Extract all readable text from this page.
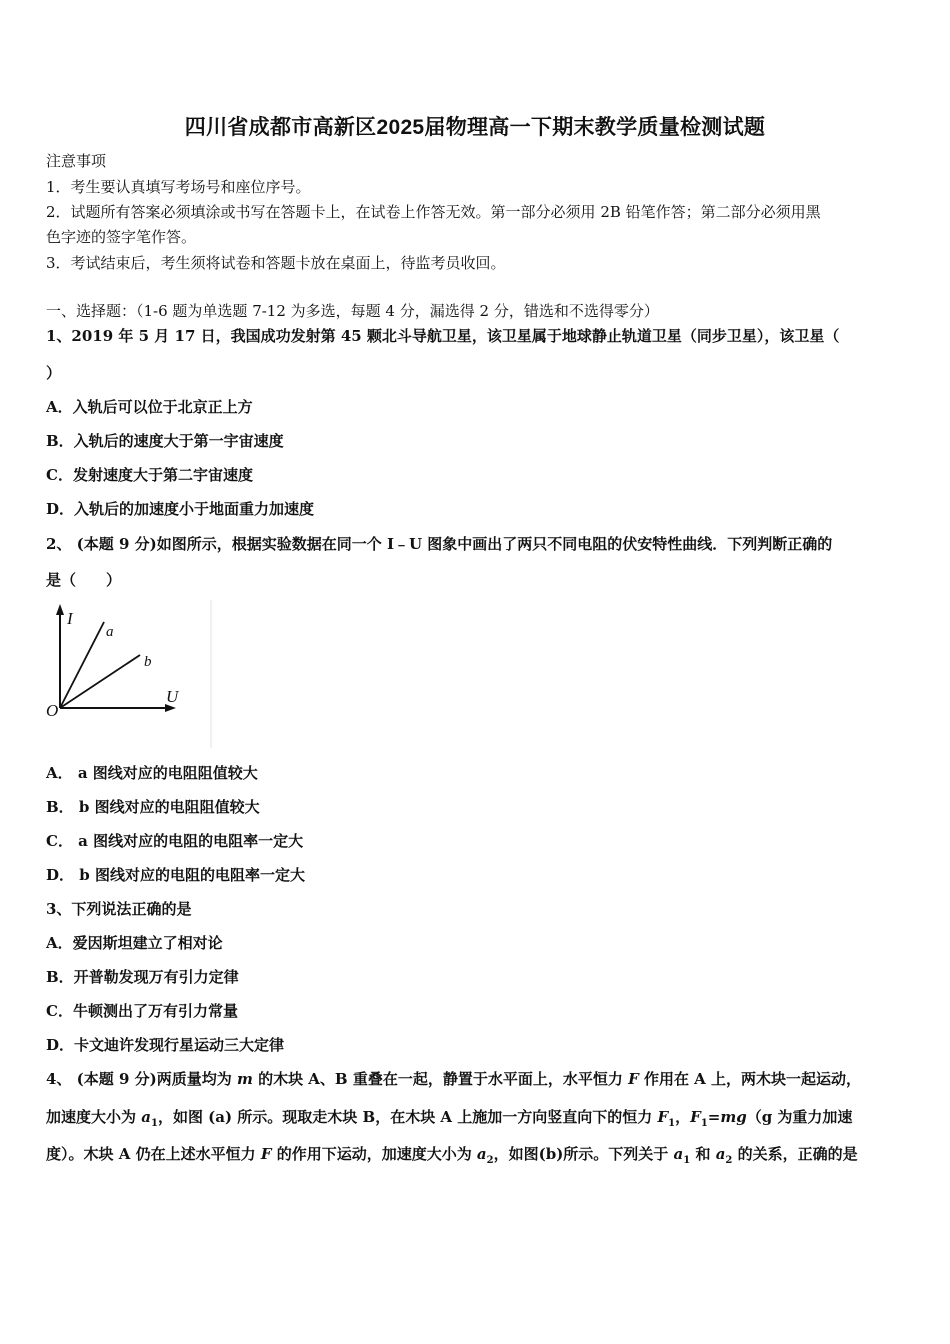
四川省成都市高新区2025届物理高一下期末教学质量检测试题
注意事项
1．考生要认真填写考场号和座位序号。
2．试题所有答案必须填涂或书写在答题卡上，在试卷上作答无效。第一部分必须用 2B 铅笔作答；第二部分必须用黑
色字迹的签字笔作答。
3．考试结束后，考生须将试卷和答题卡放在桌面上，待监考员收回。
一、选择题：（1-6 题为单选题 7-12 为多选，每题 4 分，漏选得 2 分，错选和不选得零分）
1、2019 年 5 月 17 日，我国成功发射第 45 颗北斗导航卫星，该卫星属于地球静止轨道卫星（同步卫星），该卫星（
）
A．入轨后可以位于北京正上方
B．入轨后的速度大于第一宇宙速度
C．发射速度大于第二宇宙速度
D．入轨后的加速度小于地面重力加速度
2、 (本题 9 分)如图所示，根据实验数据在同一个 I﹣U 图象中画出了两只不同电阻的伏安特性曲线．下列判断正确的
是（　　）
I
U
O
a
b
A． a 图线对应的电阻阻值较大
B． b 图线对应的电阻阻值较大
C． a 图线对应的电阻的电阻率一定大
D． b 图线对应的电阻的电阻率一定大
3、下列说法正确的是
A．爱因斯坦建立了相对论
B．开普勒发现万有引力定律
C．牛顿测出了万有引力常量
D．卡文迪许发现行星运动三大定律
4、 (本题 9 分)两质量均为 m 的木块 A、B 重叠在一起，静置于水平面上，水平恒力 F 作用在 A 上，两木块一起运动，
加速度大小为 $a_1$，如图 (a) 所示。现取走木块 B，在木块 A 上施加一方向竖直向下的恒力 $F_1$，$F_1=mg(g$ 为重力加速
度）。木块 A 仍在上述水平恒力 F 的作用下运动，加速度大小为 $a_2$，如图(b)所示。下列关于 $a_1$ 和 $a_2$ 的关系，正确的是
